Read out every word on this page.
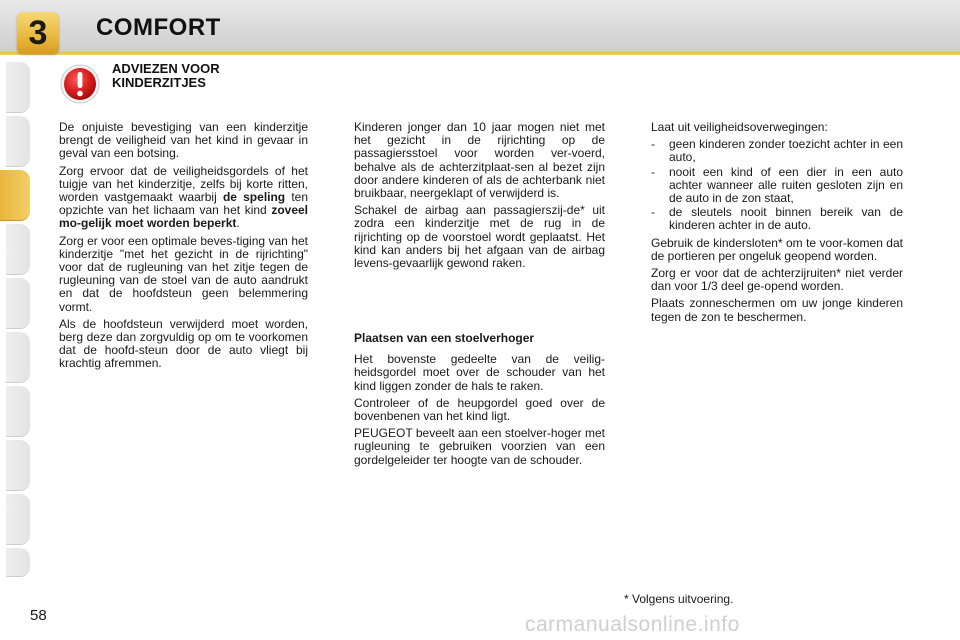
3	COMFORT
ADVIEZEN VOOR
KINDERZITJES

De onjuiste bevestiging van een kinderzitje brengt de veiligheid van het kind in gevaar in geval van een botsing.

Zorg ervoor dat de veiligheidsgordels of het tuigje van het kinderzitje, zelfs bij korte ritten, worden vastgemaakt waarbij de speling ten opzichte van het lichaam van het kind zoveel mo-gelijk moet worden beperkt.

Zorg er voor een optimale beves-tiging van het kinderzitje "met het gezicht in de rijrichting" voor dat de rugleuning van het zitje tegen de rugleuning van de stoel van de auto aandrukt en dat de hoofdsteun geen belemmering vormt.

Als de hoofdsteun verwijderd moet worden, berg deze dan zorgvuldig op om te voorkomen dat de hoofd-steun door de auto vliegt bij krachtig afremmen.

Kinderen jonger dan 10 jaar mogen niet met het gezicht in de rijrichting op de passagiersstoel voor worden ver-voerd, behalve als de achterzitplaat-sen al bezet zijn door andere kinderen of als de achterbank niet bruikbaar, neergeklapt of verwijderd is.

Schakel de airbag aan passagierszij-de* uit zodra een kinderzitje met de rug in de rijrichting op de voorstoel wordt geplaatst. Het kind kan anders bij het afgaan van de airbag levens-gevaarlijk gewond raken.

Plaatsen van een stoelverhoger

Het bovenste gedeelte van de veilig-heidsgordel moet over de schouder van het kind liggen zonder de hals te raken.

Controleer of de heupgordel goed over de bovenbenen van het kind ligt.

PEUGEOT beveelt aan een stoelver-hoger met rugleuning te gebruiken voorzien van een gordelgeleider ter hoogte van de schouder.

Laat uit veiligheidsoverwegingen:

- geen kinderen zonder toezicht achter in een auto,
- nooit een kind of een dier in een auto achter wanneer alle ruiten gesloten zijn en de auto in de zon staat,
- de sleutels nooit binnen bereik van de kinderen achter in de auto.

Gebruik de kindersloten* om te voor-komen dat de portieren per ongeluk geopend worden.

Zorg er voor dat de achterzijruiten* niet verder dan voor 1/3 deel ge-opend worden.

Plaats zonneschermen om uw jonge kinderen tegen de zon te beschermen.

* Volgens uitvoering.
58	carmanualsonline.info
